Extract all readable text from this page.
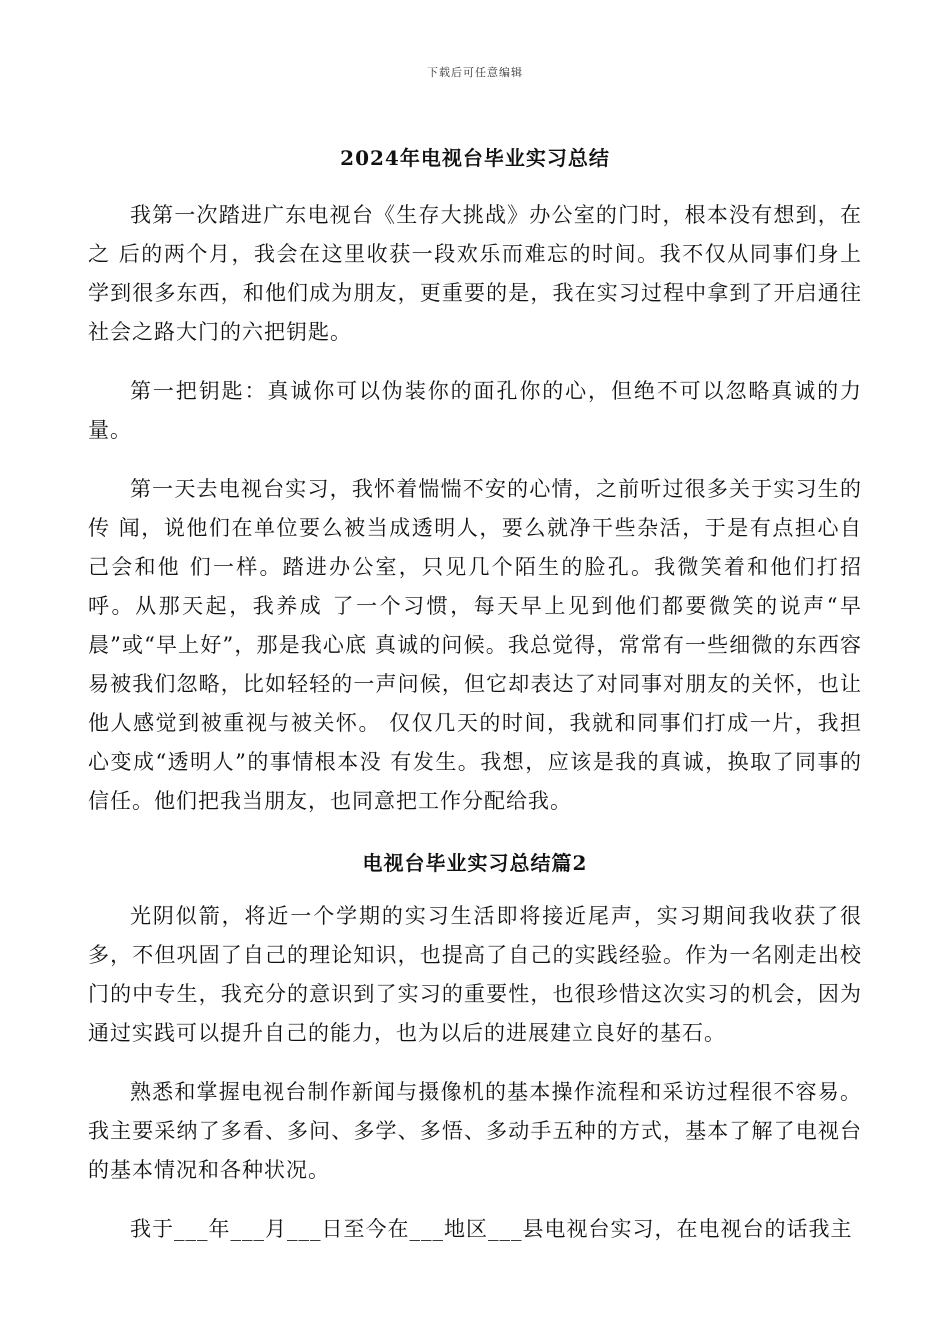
下载后可任意编辑
2024年电视台毕业实习总结

我第一次踏进广东电视台《生存大挑战》办公室的门时，根本没有想到，在之 后的两个月，我会在这里收获一段欢乐而难忘的时间。我不仅从同事们身上学到很多东西，和他们成为朋友，更重要的是，我在实习过程中拿到了开启通往社会之路大门的六把钥匙。

第一把钥匙：真诚你可以伪装你的面孔你的心，但绝不可以忽略真诚的力量。

第一天去电视台实习，我怀着惴惴不安的心情，之前听过很多关于实习生的传 闻，说他们在单位要么被当成透明人，要么就净干些杂活，于是有点担心自己会和他 们一样。踏进办公室，只见几个陌生的脸孔。我微笑着和他们打招呼。从那天起，我养成 了一个习惯，每天早上见到他们都要微笑的说声“早晨”或“早上好”，那是我心底 真诚的问候。我总觉得，常常有一些细微的东西容易被我们忽略，比如轻轻的一声问候，但它却表达了对同事对朋友的关怀，也让他人感觉到被重视与被关怀。 仅仅几天的时间，我就和同事们打成一片，我担心变成“透明人”的事情根本没 有发生。我想，应该是我的真诚，换取了同事的信任。他们把我当朋友，也同意把工作分配给我。

电视台毕业实习总结篇2

光阴似箭，将近一个学期的实习生活即将接近尾声，实习期间我收获了很多，不但巩固了自己的理论知识，也提高了自己的实践经验。作为一名刚走出校门的中专生，我充分的意识到了实习的重要性，也很珍惜这次实习的机会，因为通过实践可以提升自己的能力，也为以后的进展建立良好的基石。

熟悉和掌握电视台制作新闻与摄像机的基本操作流程和采访过程很不容易。我主要采纳了多看、多问、多学、多悟、多动手五种的方式，基本了解了电视台的基本情况和各种状况。

我于___年___月___日至今在___地区___县电视台实习，在电视台的话我主
